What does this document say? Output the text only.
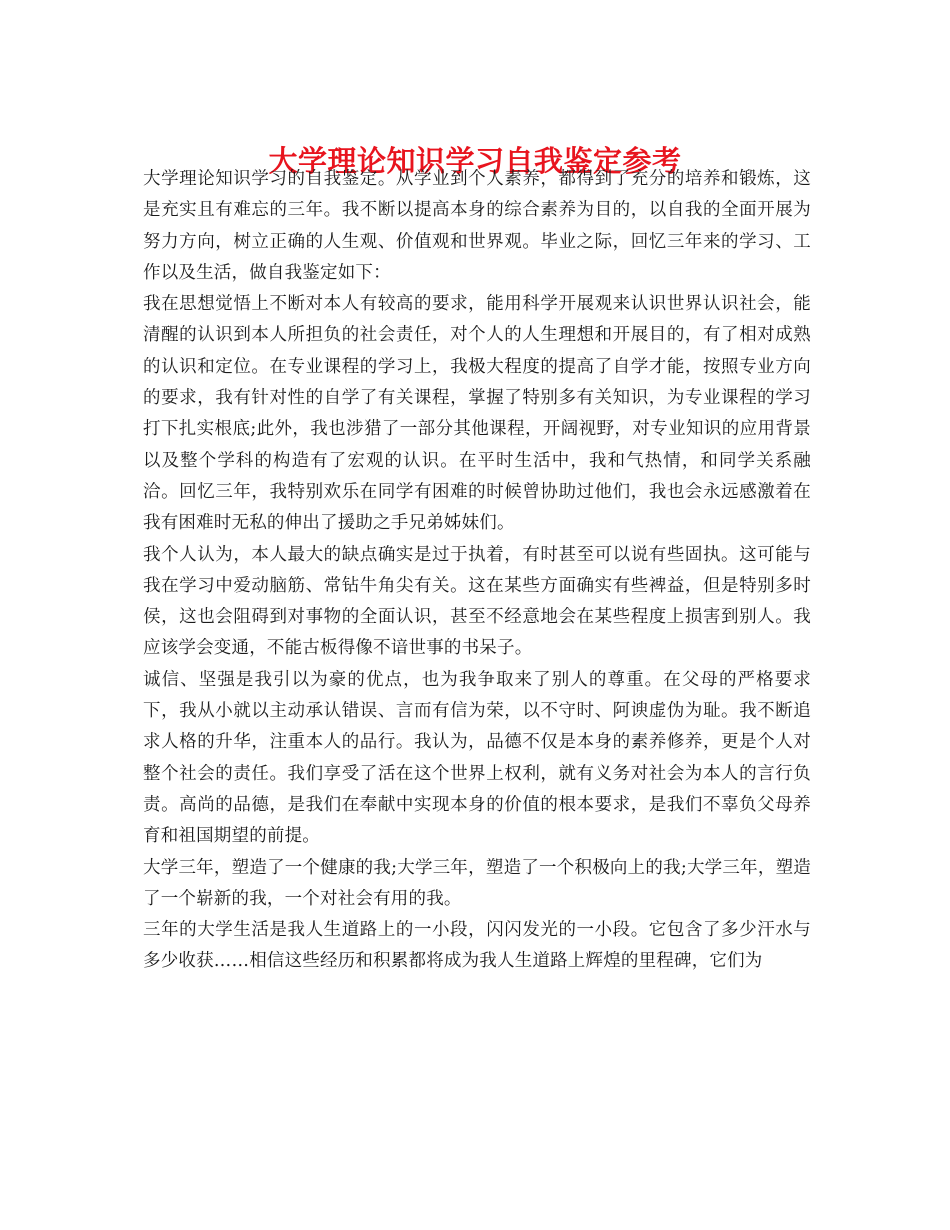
大学理论知识学习自我鉴定参考

大学理论知识学习的自我鉴定。从学业到个人素养，都得到了充分的培养和锻炼，这是充实且有难忘的三年。我不断以提高本身的综合素养为目的，以自我的全面开展为努力方向，树立正确的人生观、价值观和世界观。毕业之际，回忆三年来的学习、工作以及生活，做自我鉴定如下：

我在思想觉悟上不断对本人有较高的要求，能用科学开展观来认识世界认识社会，能清醒的认识到本人所担负的社会责任，对个人的人生理想和开展目的，有了相对成熟的认识和定位。在专业课程的学习上，我极大程度的提高了自学才能，按照专业方向的要求，我有针对性的自学了有关课程，掌握了特别多有关知识，为专业课程的学习打下扎实根底;此外，我也涉猎了一部分其他课程，开阔视野，对专业知识的应用背景以及整个学科的构造有了宏观的认识。在平时生活中，我和气热情，和同学关系融洽。回忆三年，我特别欢乐在同学有困难的时候曾协助过他们，我也会永远感激着在我有困难时无私的伸出了援助之手兄弟姊妹们。

我个人认为，本人最大的缺点确实是过于执着，有时甚至可以说有些固执。这可能与我在学习中爱动脑筋、常钻牛角尖有关。这在某些方面确实有些裨益，但是特别多时侯，这也会阻碍到对事物的全面认识，甚至不经意地会在某些程度上损害到别人。我应该学会变通，不能古板得像不谙世事的书呆子。

诚信、坚强是我引以为豪的优点，也为我争取来了别人的尊重。在父母的严格要求下，我从小就以主动承认错误、言而有信为荣，以不守时、阿谀虚伪为耻。我不断追求人格的升华，注重本人的品行。我认为，品德不仅是本身的素养修养，更是个人对整个社会的责任。我们享受了活在这个世界上权利，就有义务对社会为本人的言行负责。高尚的品德，是我们在奉献中实现本身的价值的根本要求，是我们不辜负父母养育和祖国期望的前提。

大学三年，塑造了一个健康的我;大学三年，塑造了一个积极向上的我;大学三年，塑造了一个崭新的我，一个对社会有用的我。

三年的大学生活是我人生道路上的一小段，闪闪发光的一小段。它包含了多少汗水与多少收获……相信这些经历和积累都将成为我人生道路上辉煌的里程碑，它们为
